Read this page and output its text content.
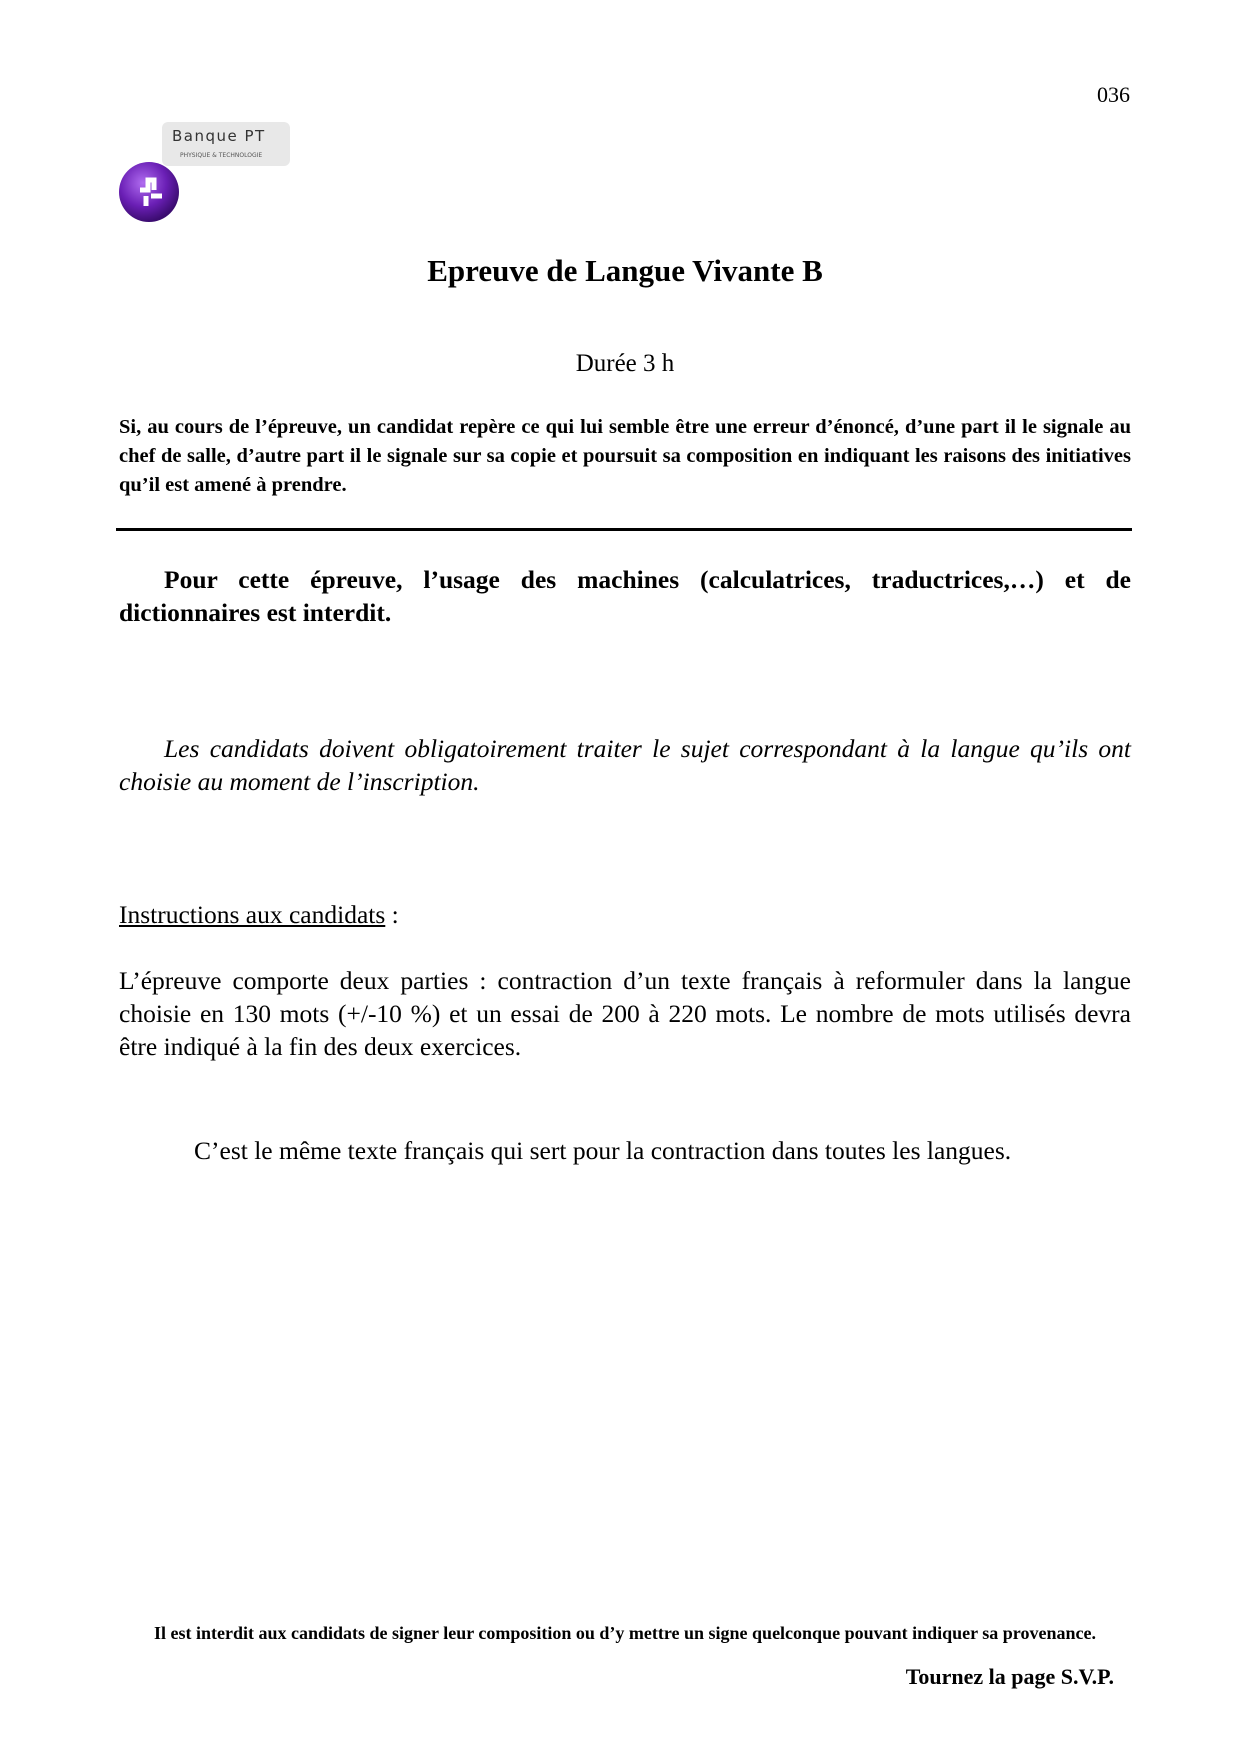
036
Banque PT
PHYSIQUE & TECHNOLOGIE
Epreuve de Langue Vivante B
Durée 3 h
Si, au cours de l’épreuve, un candidat repère ce qui lui semble être une erreur d’énoncé, d’une part il le signale au chef de salle, d’autre part il le signale sur sa copie et poursuit sa composition en indiquant les raisons des initiatives qu’il est amené à prendre.
Pour cette épreuve, l’usage des machines (calculatrices, traductrices,…) et de dictionnaires est interdit.
Les candidats doivent obligatoirement traiter le sujet correspondant à la langue qu’ils ont choisie au moment de l’inscription.
Instructions aux candidats :
L’épreuve comporte deux parties : contraction d’un texte français à reformuler dans la langue choisie en 130 mots (+/-10 %) et un essai de 200 à 220 mots. Le nombre de mots utilisés devra être indiqué à la fin des deux exercices.
C’est le même texte français qui sert pour la contraction dans toutes les langues.
Il est interdit aux candidats de signer leur composition ou d’y mettre un signe quelconque pouvant indiquer sa provenance.
Tournez la page S.V.P.
